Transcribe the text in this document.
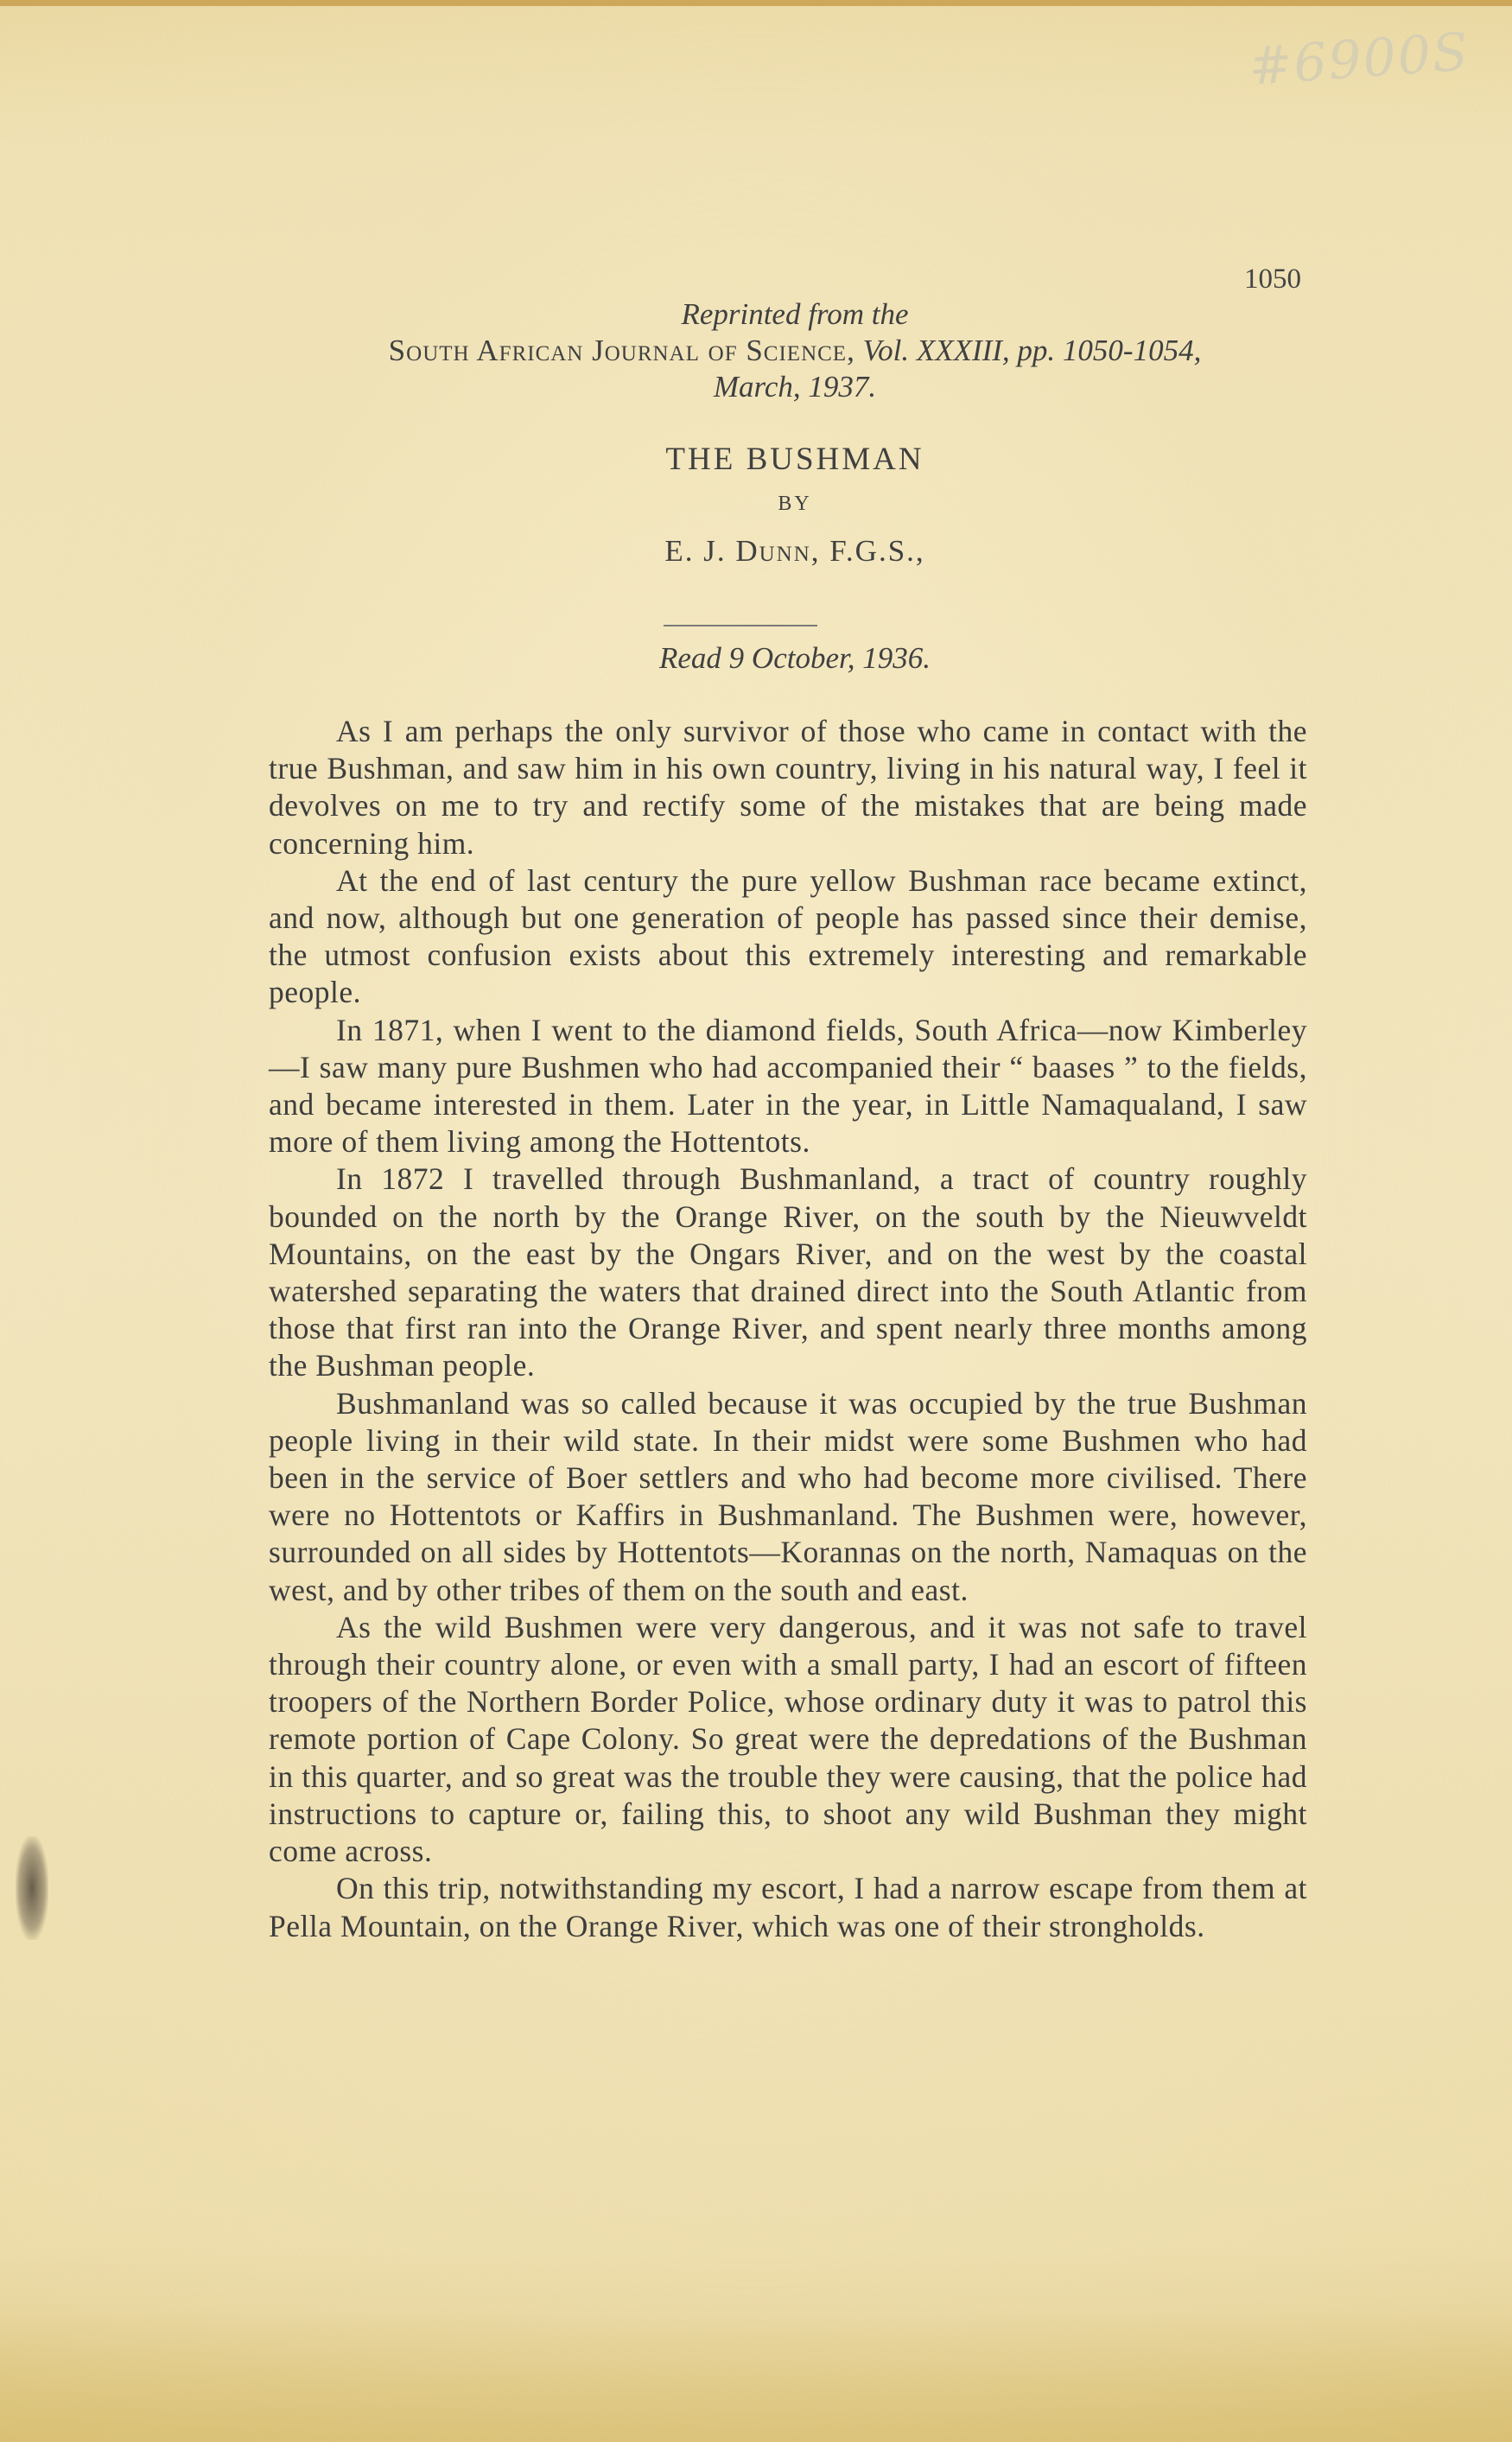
#6900S
1050
Reprinted from the
South African Journal of Science, Vol. XXXIII, pp. 1050-1054,
March, 1937.
THE BUSHMAN
BY
E. J. Dunn, F.G.S.,
Read 9 October, 1936.

As I am perhaps the only survivor of those who came in contact with the true Bushman, and saw him in his own country, living in his natural way, I feel it devolves on me to try and rectify some of the mistakes that are being made concerning him.

At the end of last century the pure yellow Bushman race became extinct, and now, although but one generation of people has passed since their demise, the utmost confusion exists about this extremely interesting and remarkable people.

In 1871, when I went to the diamond fields, South Africa—now Kimberley—I saw many pure Bushmen who had accompanied their “ baases ” to the fields, and became interested in them. Later in the year, in Little Namaqualand, I saw more of them living among the Hottentots.

In 1872 I travelled through Bushmanland, a tract of country roughly bounded on the north by the Orange River, on the south by the Nieuwveldt Mountains, on the east by the Ongars River, and on the west by the coastal watershed separating the waters that drained direct into the South Atlantic from those that first ran into the Orange River, and spent nearly three months among the Bushman people.

Bushmanland was so called because it was occupied by the true Bushman people living in their wild state. In their midst were some Bushmen who had been in the service of Boer settlers and who had become more civilised. There were no Hottentots or Kaffirs in Bushmanland. The Bushmen were, however, surrounded on all sides by Hottentots—Korannas on the north, Namaquas on the west, and by other tribes of them on the south and east.

As the wild Bushmen were very dangerous, and it was not safe to travel through their country alone, or even with a small party, I had an escort of fifteen troopers of the Northern Border Police, whose ordinary duty it was to patrol this remote portion of Cape Colony. So great were the depredations of the Bushman in this quarter, and so great was the trouble they were causing, that the police had instructions to capture or, failing this, to shoot any wild Bushman they might come across.

On this trip, notwithstanding my escort, I had a narrow escape from them at Pella Mountain, on the Orange River, which was one of their strongholds.
